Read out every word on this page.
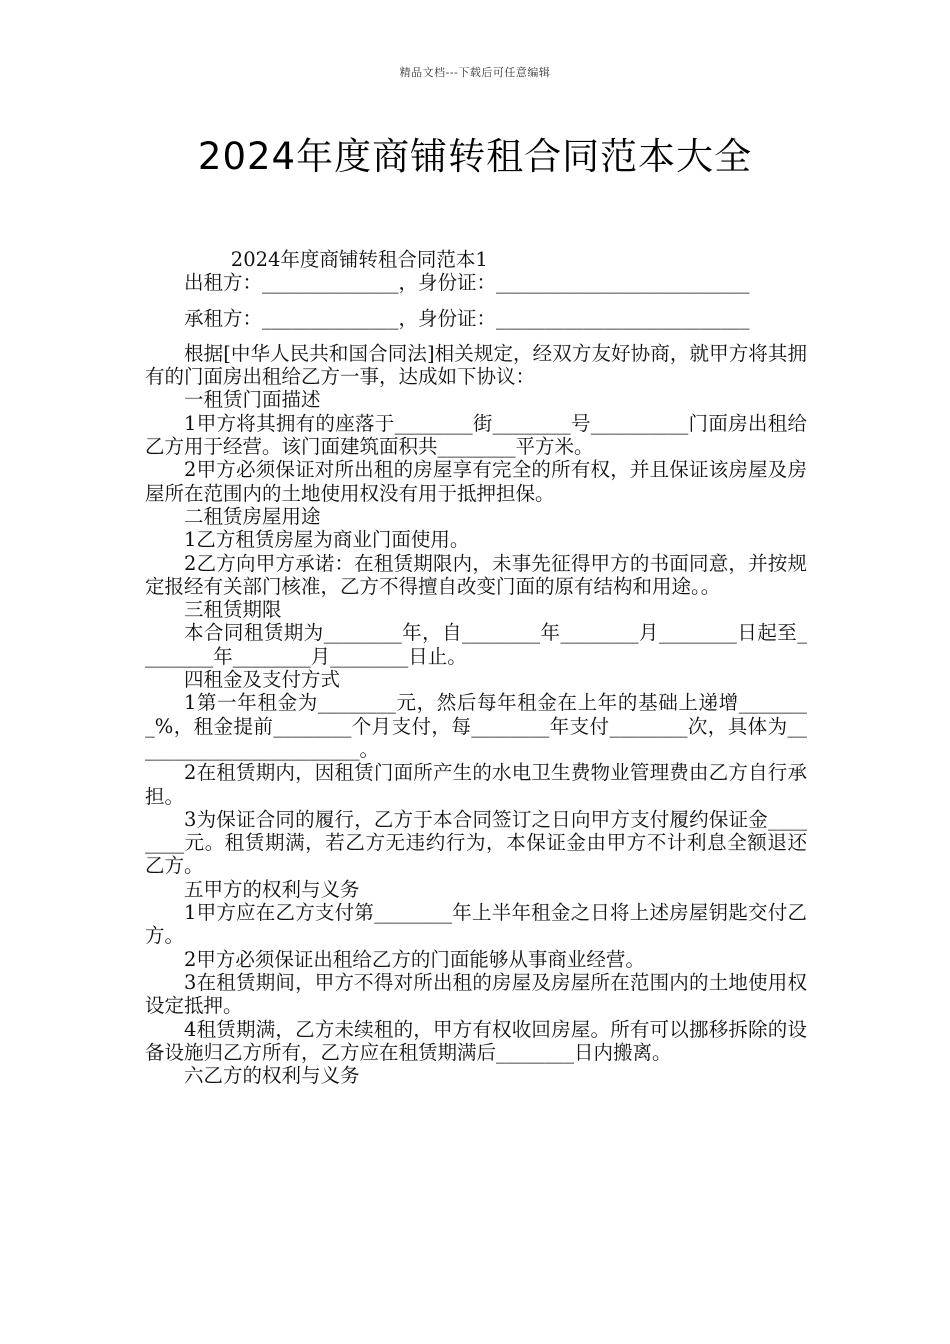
精品文档---下载后可任意编辑
2024年度商铺转租合同范本大全

2024年度商铺转租合同范本1

出租方：______________，身份证：__________________________

承租方：______________，身份证：__________________________

根据[中华人民共和国合同法]相关规定，经双方友好协商，就甲方将其拥有的门面房出租给乙方一事，达成如下协议：

一租赁门面描述

1甲方将其拥有的座落于________街________号__________门面房出租给乙方用于经营。该门面建筑面积共________平方米。

2甲方必须保证对所出租的房屋享有完全的所有权，并且保证该房屋及房屋所在范围内的土地使用权没有用于抵押担保。

二租赁房屋用途

1乙方租赁房屋为商业门面使用。

2乙方向甲方承诺：在租赁期限内，未事先征得甲方的书面同意，并按规定报经有关部门核准，乙方不得擅自改变门面的原有结构和用途。。

三租赁期限

本合同租赁期为________年，自________年________月________日起至________年________月________日止。

四租金及支付方式

1第一年租金为________元，然后每年租金在上年的基础上递增________%，租金提前________个月支付，每________年支付________次，具体为________________________。

2在租赁期内，因租赁门面所产生的水电卫生费物业管理费由乙方自行承担。

3为保证合同的履行，乙方于本合同签订之日向甲方支付履约保证金________元。租赁期满，若乙方无违约行为，本保证金由甲方不计利息全额退还乙方。

五甲方的权利与义务

1甲方应在乙方支付第________年上半年租金之日将上述房屋钥匙交付乙方。

2甲方必须保证出租给乙方的门面能够从事商业经营。

3在租赁期间，甲方不得对所出租的房屋及房屋所在范围内的土地使用权设定抵押。

4租赁期满，乙方未续租的，甲方有权收回房屋。所有可以挪移拆除的设备设施归乙方所有，乙方应在租赁期满后________日内搬离。

六乙方的权利与义务
